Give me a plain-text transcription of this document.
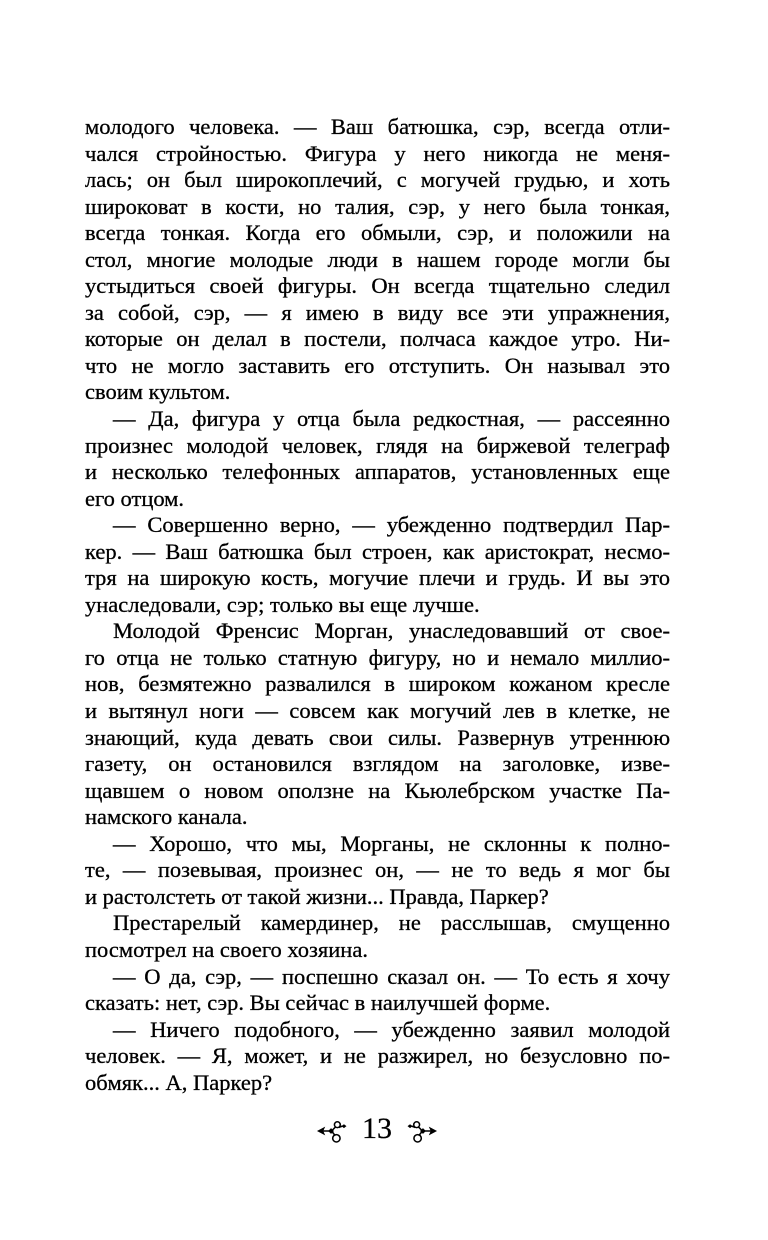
молодого человека. — Ваш батюшка, сэр, всегда отли-
чался стройностью. Фигура у него никогда не меня-
лась; он был широкоплечий, с могучей грудью, и хоть
широковат в кости, но талия, сэр, у него была тонкая,
всегда тонкая. Когда его обмыли, сэр, и положили на
стол, многие молодые люди в нашем городе могли бы
устыдиться своей фигуры. Он всегда тщательно следил
за собой, сэр, — я имею в виду все эти упражнения,
которые он делал в постели, полчаса каждое утро. Ни-
что не могло заставить его отступить. Он называл это
своим культом.
— Да, фигура у отца была редкостная, — рассеянно
произнес молодой человек, глядя на биржевой телеграф
и несколько телефонных аппаратов, установленных еще
его отцом.
— Совершенно верно, — убежденно подтвердил Пар-
кер. — Ваш батюшка был строен, как аристократ, несмо-
тря на широкую кость, могучие плечи и грудь. И вы это
унаследовали, сэр; только вы еще лучше.
Молодой Френсис Морган, унаследовавший от свое-
го отца не только статную фигуру, но и немало миллио-
нов, безмятежно развалился в широком кожаном кресле
и вытянул ноги — совсем как могучий лев в клетке, не
знающий, куда девать свои силы. Развернув утреннюю
газету, он остановился взглядом на заголовке, изве-
щавшем о новом оползне на Кьюлебрском участке Па-
намского канала.
— Хорошо, что мы, Морганы, не склонны к полно-
те, — позевывая, произнес он, — не то ведь я мог бы
и растолстеть от такой жизни... Правда, Паркер?
Престарелый камердинер, не расслышав, смущенно
посмотрел на своего хозяина.
— О да, сэр, — поспешно сказал он. — То есть я хочу
сказать: нет, сэр. Вы сейчас в наилучшей форме.
— Ничего подобного, — убежденно заявил молодой
человек. — Я, может, и не разжирел, но безусловно по-
обмяк... А, Паркер?
13
